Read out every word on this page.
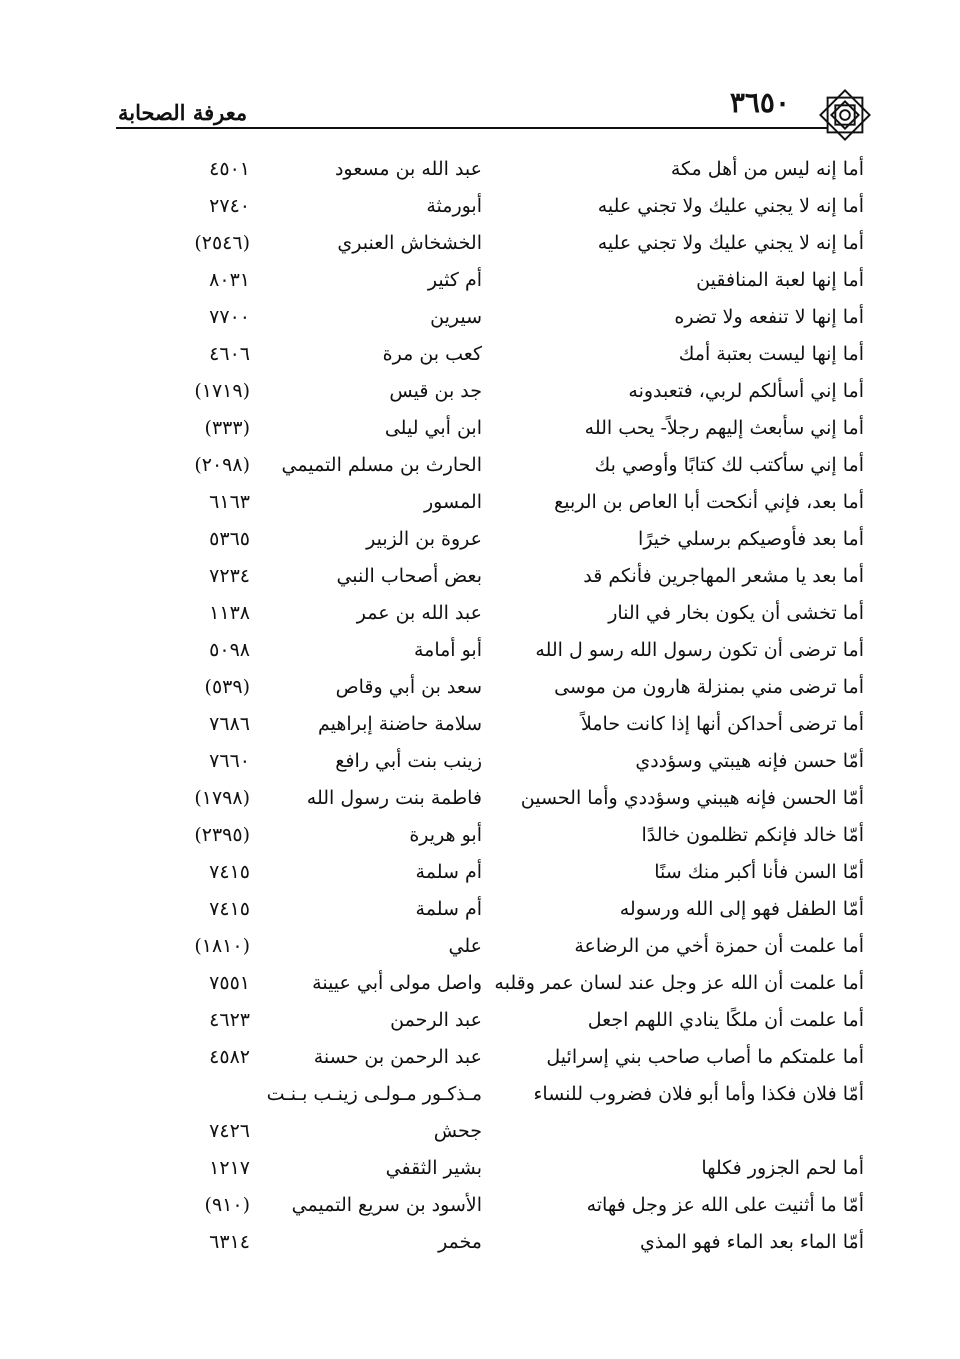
٣٦٥٠
معرفة الصحابة
أما إنه ليس من أهل مكة
عبد الله بن مسعود
٤٥٠١
أما إنه لا يجني عليك ولا تجني عليه
أبورمثة
٢٧٤٠
أما إنه لا يجني عليك ولا تجني عليه
الخشخاش العنبري
(٢٥٤٦)
أما إنها لعبة المنافقين
أم كثير
٨٠٣١
أما إنها لا تنفعه ولا تضره
سيرين
٧٧٠٠
أما إنها ليست بعتبة أمك
كعب بن مرة
٤٦٠٦
أما إني أسألكم لربي، فتعبدونه
جد بن قيس
(١٧١٩)
أما إني سأبعث إليهم رجلاً- يحب الله
ابن أبي ليلى
(٣٣٣)
أما إني سأكتب لك كتابًا وأوصي بك
الحارث بن مسلم التميمي
(٢٠٩٨)
أما بعد، فإني أنكحت أبا العاص بن الربيع
المسور
٦١٦٣
أما بعد فأوصيكم برسلي خيرًا
عروة بن الزبير
٥٣٦٥
أما بعد يا مشعر المهاجرين فأنكم قد
بعض أصحاب النبي
٧٢٣٤
أما تخشى أن يكون بخار في النار
عبد الله بن عمر
١١٣٨
أما ترضى أن تكون رسول الله رسو ل الله
أبو أمامة
٥٠٩٨
أما ترضى مني بمنزلة هارون من موسى
سعد بن أبي وقاص
(٥٣٩)
أما ترضى أحداكن أنها إذا كانت حاملاً
سلامة حاضنة إبراهيم
٧٦٨٦
أمّا حسن فإنه هيبتي وسؤددي
زينب بنت أبي رافع
٧٦٦٠
أمّا الحسن فإنه هيبني وسؤددي وأما الحسين
فاطمة بنت رسول الله
(١٧٩٨)
أمّا خالد فإنكم تظلمون خالدًا
أبو هريرة
(٢٣٩٥)
أمّا السن فأنا أكبر منك سنًا
أم سلمة
٧٤١٥
أمّا الطفل فهو إلى الله ورسوله
أم سلمة
٧٤١٥
أما علمت أن حمزة أخي من الرضاعة
علي
(١٨١٠)
أما علمت أن الله عز وجل عند لسان عمر وقلبه
واصل مولى أبي عيينة
٧٥٥١
أما علمت أن ملكًا ينادي اللهم اجعل
عبد الرحمن
٤٦٢٣
أما علمتكم ما أصاب صاحب بني إسرائيل
عبد الرحمن بن حسنة
٤٥٨٢
أمّا فلان فكذا وأما أبو فلان فضروب للنساء
مـذكـور مـولـى زينـب بـنـت
جحش
٧٤٢٦
أما لحم الجزور فكلها
بشير الثقفي
١٢١٧
أمّا ما أثنيت على الله عز وجل فهاته
الأسود بن سريع التميمي
(٩١٠)
أمّا الماء بعد الماء فهو المذي
مخمر
٦٣١٤
